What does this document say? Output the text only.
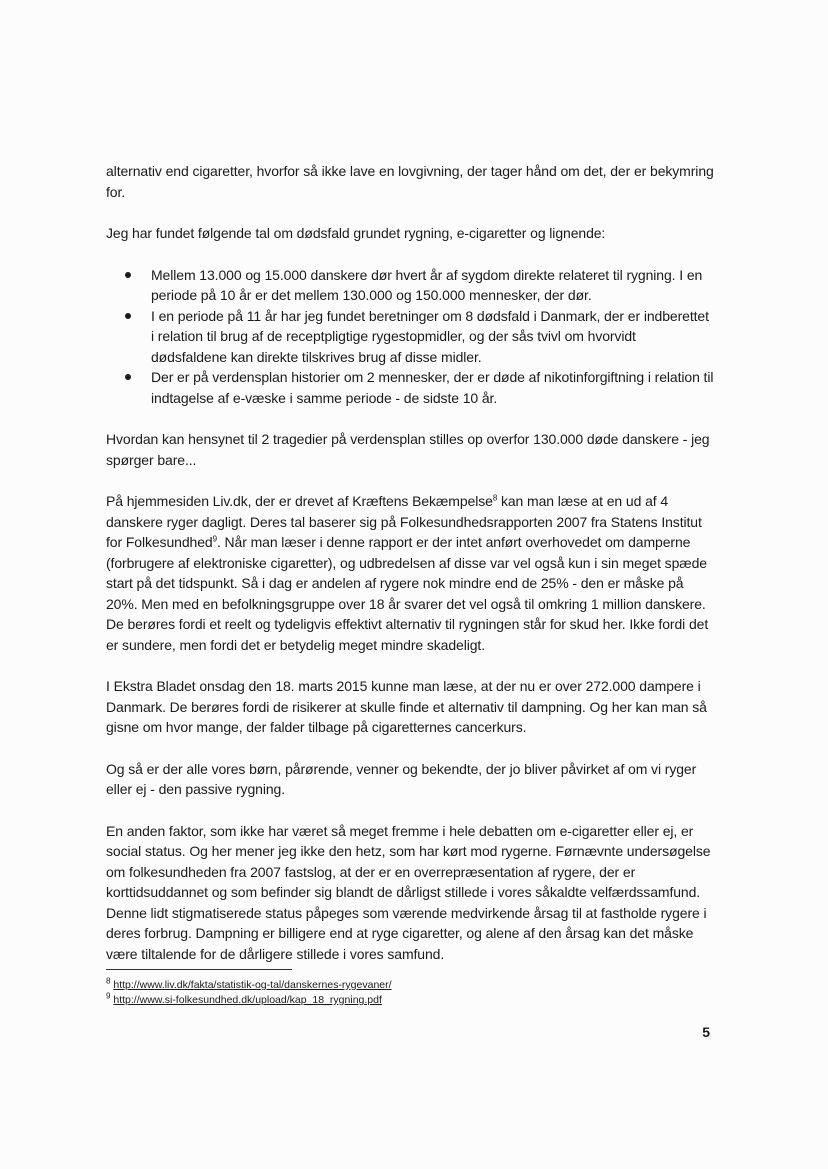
alternativ end cigaretter, hvorfor så ikke lave en lovgivning, der tager hånd om det, der er bekymring for.

Jeg har fundet følgende tal om dødsfald grundet rygning, e-cigaretter og lignende:

Mellem 13.000 og 15.000 danskere dør hvert år af sygdom direkte relateret til rygning. I en periode på 10 år er det mellem 130.000 og 150.000 mennesker, der dør.
I en periode på 11 år har jeg fundet beretninger om 8 dødsfald i Danmark, der er indberettet i relation til brug af de receptpligtige rygestopmidler, og der sås tvivl om hvorvidt dødsfaldene kan direkte tilskrives brug af disse midler.
Der er på verdensplan historier om 2 mennesker, der er døde af nikotinforgiftning i relation til indtagelse af e-væske i samme periode - de sidste 10 år.

Hvordan kan hensynet til 2 tragedier på verdensplan stilles op overfor 130.000 døde danskere - jeg spørger bare...

På hjemmesiden Liv.dk, der er drevet af Kræftens Bekæmpelse$^8$ kan man læse at en ud af 4 danskere ryger dagligt. Deres tal baserer sig på Folkesundhedsrapporten 2007 fra Statens Institut for Folkesundhed$^9$. Når man læser i denne rapport er der intet anført overhovedet om damperne (forbrugere af elektroniske cigaretter), og udbredelsen af disse var vel også kun i sin meget spæde start på det tidspunkt. Så i dag er andelen af rygere nok mindre end de 25% - den er måske på 20%. Men med en befolkningsgruppe over 18 år svarer det vel også til omkring 1 million danskere. De berøres fordi et reelt og tydeligvis effektivt alternativ til rygningen står for skud her. Ikke fordi det er sundere, men fordi det er betydelig meget mindre skadeligt.

I Ekstra Bladet onsdag den 18. marts 2015 kunne man læse, at der nu er over 272.000 dampere i Danmark. De berøres fordi de risikerer at skulle finde et alternativ til dampning. Og her kan man så gisne om hvor mange, der falder tilbage på cigaretternes cancerkurs.

Og så er der alle vores børn, pårørende, venner og bekendte, der jo bliver påvirket af om vi ryger eller ej - den passive rygning.

En anden faktor, som ikke har været så meget fremme i hele debatten om e-cigaretter eller ej, er social status. Og her mener jeg ikke den hetz, som har kørt mod rygerne. Førnævnte undersøgelse om folkesundheden fra 2007 fastslog, at der er en overrepræsentation af rygere, der er korttidsuddannet og som befinder sig blandt de dårligst stillede i vores såkaldte velfærdssamfund. Denne lidt stigmatiserede status påpeges som værende medvirkende årsag til at fastholde rygere i deres forbrug. Dampning er billigere end at ryge cigaretter, og alene af den årsag kan det måske være tiltalende for de dårligere stillede i vores samfund.

$^8$ http://www.liv.dk/fakta/statistik-og-tal/danskernes-rygevaner/
$^9$ http://www.si-folkesundhed.dk/upload/kap_18_rygning.pdf
5
